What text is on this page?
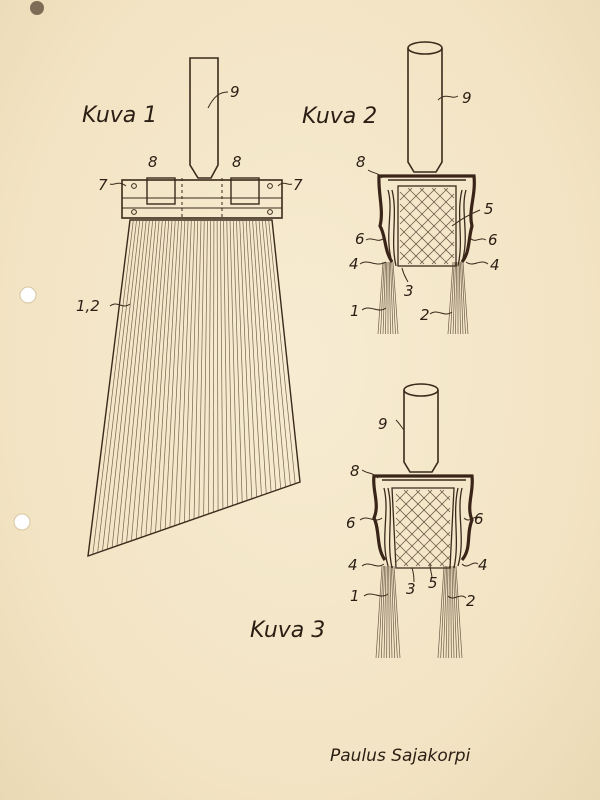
Kuva 1
9
8	8
7	7
1,2
Kuva 2
9
8
5
6	6
4	4
3
1	2
9
8
6	6
4	4
3 5
1	2
Kuva 3
Paulus Sajakorpi
